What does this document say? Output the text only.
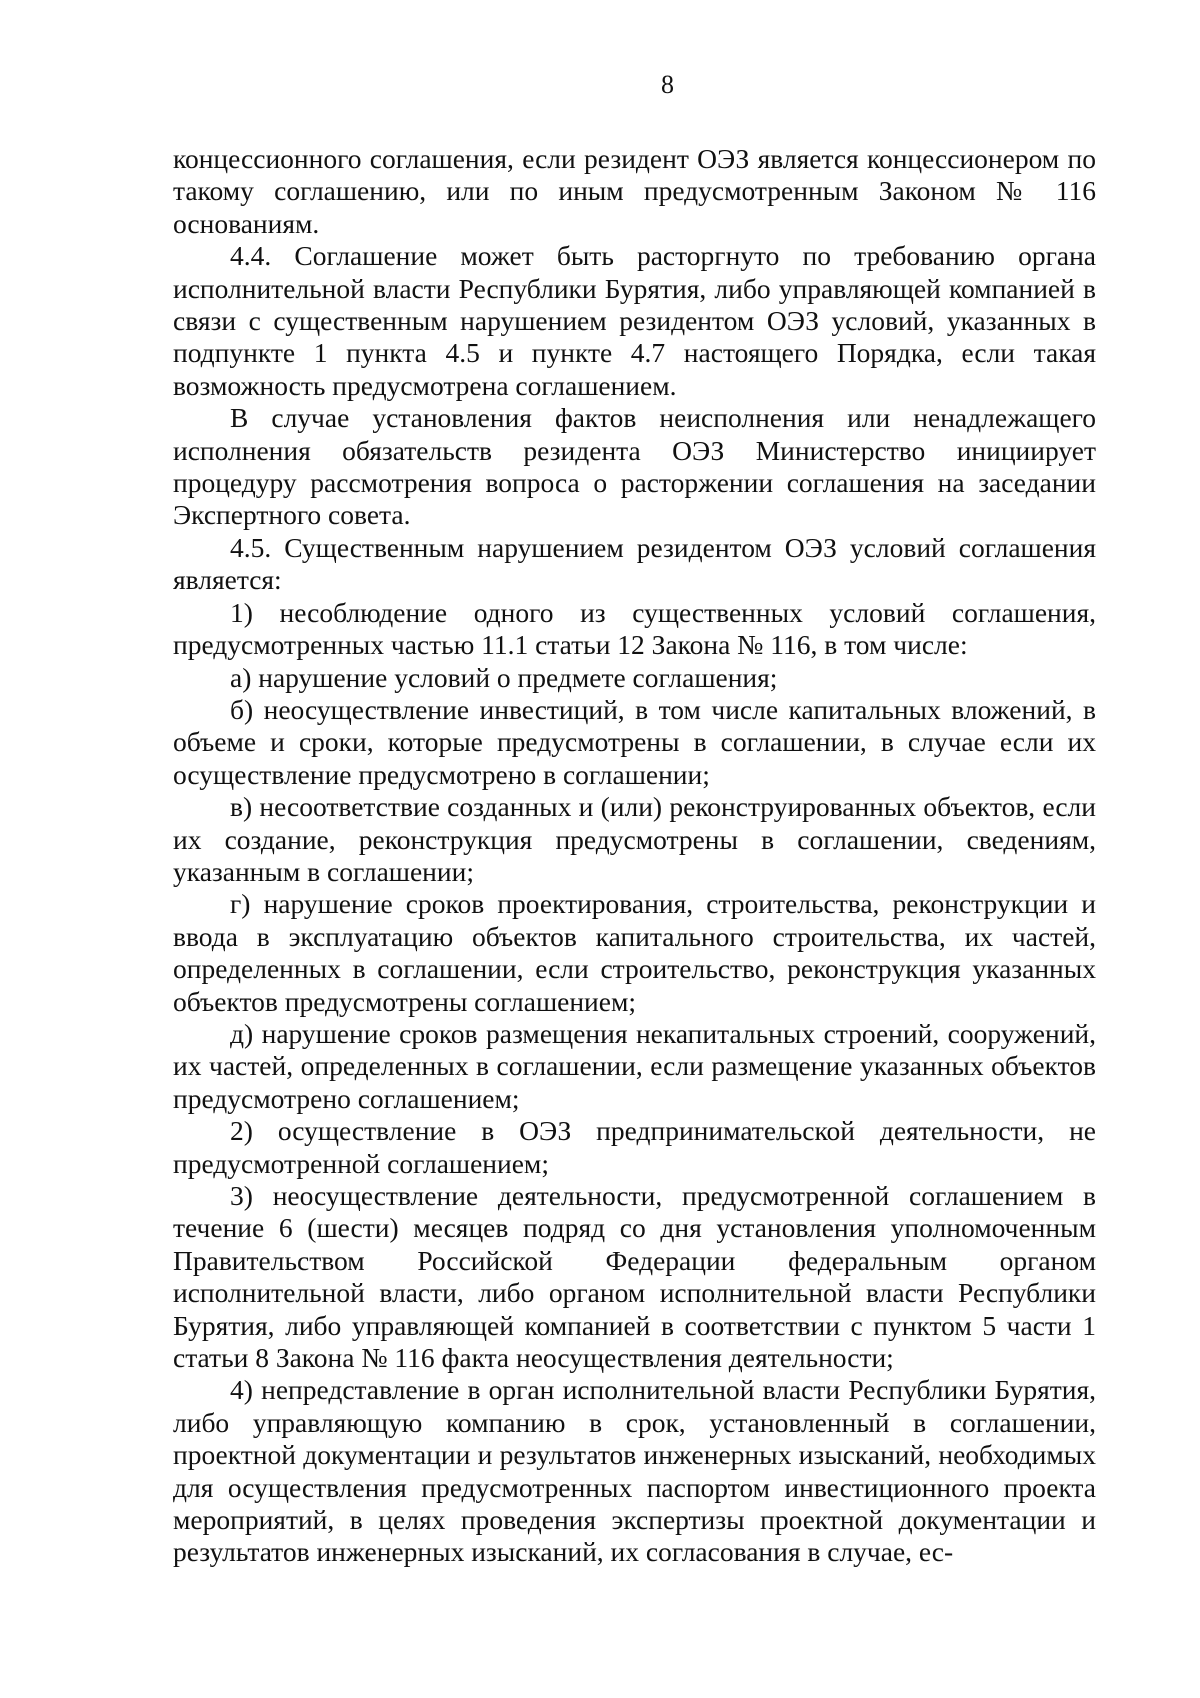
8

концессионного соглашения, если резидент ОЭЗ является концессионером по такому соглашению, или по иным предусмотренным Законом № 116 основаниям.

4.4. Соглашение может быть расторгнуто по требованию органа исполнительной власти Республики Бурятия, либо управляющей компанией в связи с существенным нарушением резидентом ОЭЗ условий, указанных в подпункте 1 пункта 4.5 и пункте 4.7 настоящего Порядка, если такая возможность предусмотрена соглашением.

В случае установления фактов неисполнения или ненадлежащего исполнения обязательств резидента ОЭЗ Министерство инициирует процедуру рассмотрения вопроса о расторжении соглашения на заседании Экспертного совета.

4.5. Существенным нарушением резидентом ОЭЗ условий соглашения является:

1) несоблюдение одного из существенных условий соглашения, предусмотренных частью 11.1 статьи 12 Закона № 116, в том числе:

а) нарушение условий о предмете соглашения;

б) неосуществление инвестиций, в том числе капитальных вложений, в объеме и сроки, которые предусмотрены в соглашении, в случае если их осуществление предусмотрено в соглашении;

в) несоответствие созданных и (или) реконструированных объектов, если их создание, реконструкция предусмотрены в соглашении, сведениям, указанным в соглашении;

г) нарушение сроков проектирования, строительства, реконструкции и ввода в эксплуатацию объектов капитального строительства, их частей, определенных в соглашении, если строительство, реконструкция указанных объектов предусмотрены соглашением;

д) нарушение сроков размещения некапитальных строений, сооружений, их частей, определенных в соглашении, если размещение указанных объектов предусмотрено соглашением;

2) осуществление в ОЭЗ предпринимательской деятельности, не предусмотренной соглашением;

3) неосуществление деятельности, предусмотренной соглашением в течение 6 (шести) месяцев подряд со дня установления уполномоченным Правительством Российской Федерации федеральным органом исполнительной власти, либо органом исполнительной власти Республики Бурятия, либо управляющей компанией в соответствии с пунктом 5 части 1 статьи 8 Закона № 116 факта неосуществления деятельности;

4) непредставление в орган исполнительной власти Республики Бурятия, либо управляющую компанию в срок, установленный в соглашении, проектной документации и результатов инженерных изысканий, необходимых для осуществления предусмотренных паспортом инвестиционного проекта мероприятий, в целях проведения экспертизы проектной документации и результатов инженерных изысканий, их согласования в случае, ес-
